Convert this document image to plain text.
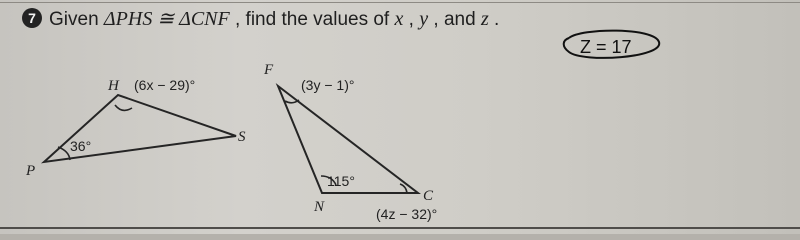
7 Given ΔPHS ≅ ΔCNF , find the values of x , y , and z .
H
P
S
(6x − 29)°
36°
F
N
C
(3y − 1)°
115°
(4z − 32)°
Z = 17
